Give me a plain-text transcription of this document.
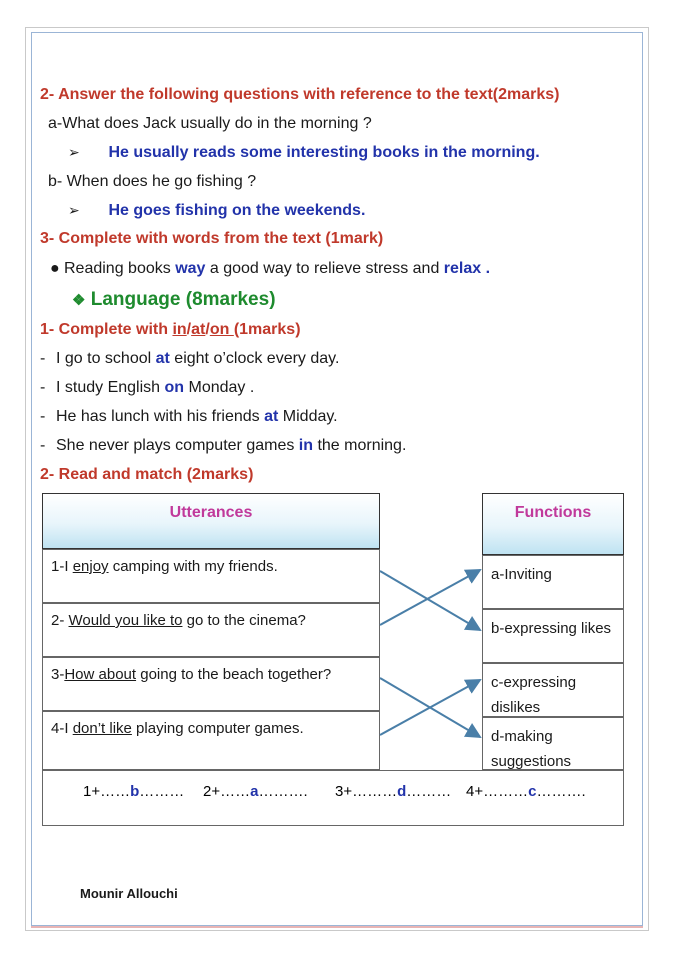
2- Answer the following questions with reference to the text(2marks)
a-What does Jack usually do in the morning ?
➢ He usually reads some interesting books in the morning.
b- When does he go fishing ?
➢ He goes fishing on the weekends.
3- Complete with words from the text (1mark)
● Reading books way a good way to relieve stress and relax .
❖ Language (8markes)
1- Complete with in/at/on (1marks)
- I go to school at eight o’clock every day.
- I study English on Monday .
- He has lunch with his friends at Midday.
- She never plays computer games in the morning.
2- Read and match (2marks)
Utterances	Functions
1-I enjoy camping with my friends.
2- Would you like to go to the cinema?
3-How about going to the beach together?
4-I don’t like playing computer games.
a-Inviting
b-expressing likes
c-expressing dislikes
d-making suggestions
1+……b……… 2+……a………. 3+………d……… 4+………c……….
Mounir Allouchi
